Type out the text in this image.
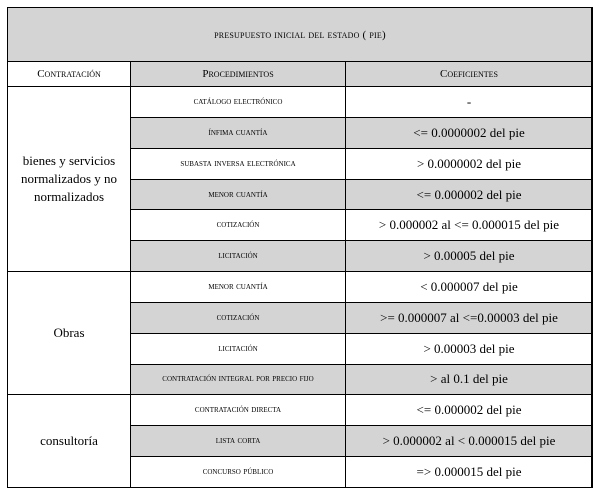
presupuesto inicial del estado ( pie)		
Contratación	Procedimientos	Coeficientes
bienes y servicios normalizados y no normalizados	catálogo electrónico	-
	ínfima cuantía	<= 0.0000002 del pie
	subasta inversa electrónica	> 0.0000002 del pie
	menor cuantía	<= 0.000002 del pie
	cotización	> 0.000002 al <= 0.000015 del pie
	licitación	> 0.00005 del pie
Obras	menor cuantía	< 0.000007 del pie
	cotización	>= 0.000007 al <=0.00003 del pie
	licitación	> 0.00003 del pie
	contratación integral por precio fijo	> al 0.1 del pie
consultoría	contratación directa	<= 0.000002 del pie
	lista corta	> 0.000002 al < 0.000015 del pie
	concurso público	=> 0.000015 del pie
